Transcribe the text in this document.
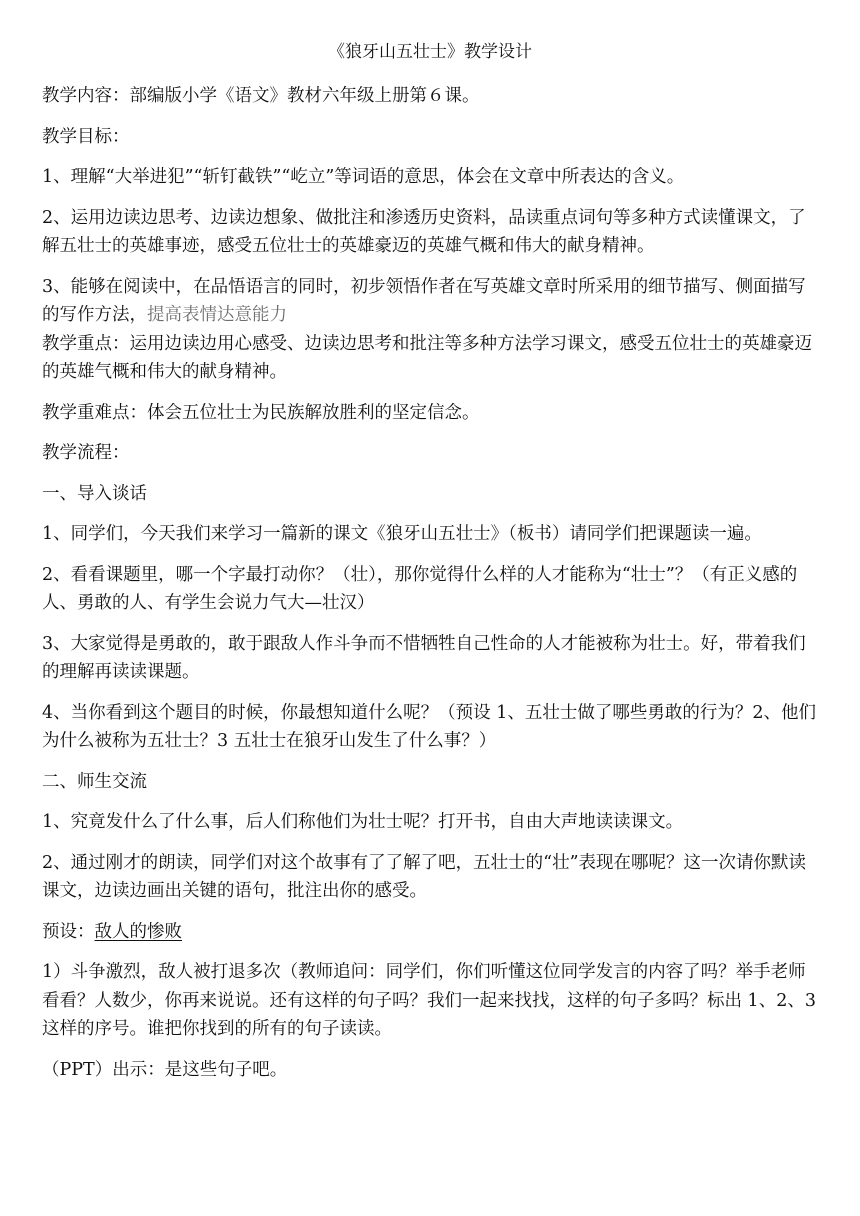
《狼牙山五壮士》教学设计

教学内容：部编版小学《语文》教材六年级上册第６课。

教学目标：

1、理解“大举进犯”“斩钉截铁”“屹立”等词语的意思，体会在文章中所表达的含义。

2、运用边读边思考、边读边想象、做批注和渗透历史资料，品读重点词句等多种方式读懂课文，了解五壮士的英雄事迹，感受五位壮士的英雄豪迈的英雄气概和伟大的献身精神。

3、能够在阅读中，在品悟语言的同时，初步领悟作者在写英雄文章时所采用的细节描写、侧面描写的写作方法，提高表情达意能力

教学重点：运用边读边用心感受、边读边思考和批注等多种方法学习课文，感受五位壮士的英雄豪迈的英雄气概和伟大的献身精神。

教学重难点：体会五位壮士为民族解放胜利的坚定信念。

教学流程：

一、导入谈话

1、同学们，今天我们来学习一篇新的课文《狼牙山五壮士》（板书）请同学们把课题读一遍。

2、看看课题里，哪一个字最打动你？（壮），那你觉得什么样的人才能称为“壮士”？（有正义感的人、勇敢的人、有学生会说力气大—壮汉）

3、大家觉得是勇敢的，敢于跟敌人作斗争而不惜牺牲自己性命的人才能被称为壮士。好，带着我们的理解再读读课题。

4、当你看到这个题目的时候，你最想知道什么呢？（预设 1、五壮士做了哪些勇敢的行为？2、他们为什么被称为五壮士？3 五壮士在狼牙山发生了什么事？）

二、师生交流

1、究竟发什么了什么事，后人们称他们为壮士呢？打开书，自由大声地读读课文。

2、通过刚才的朗读，同学们对这个故事有了了解了吧，五壮士的“壮”表现在哪呢？这一次请你默读课文，边读边画出关键的语句，批注出你的感受。

预设：敌人的惨败

1）斗争激烈，敌人被打退多次（教师追问：同学们，你们听懂这位同学发言的内容了吗？举手老师看看？人数少，你再来说说。还有这样的句子吗？我们一起来找找，这样的句子多吗？标出 1、2、3 这样的序号。谁把你找到的所有的句子读读。

（PPT）出示：是这些句子吧。
